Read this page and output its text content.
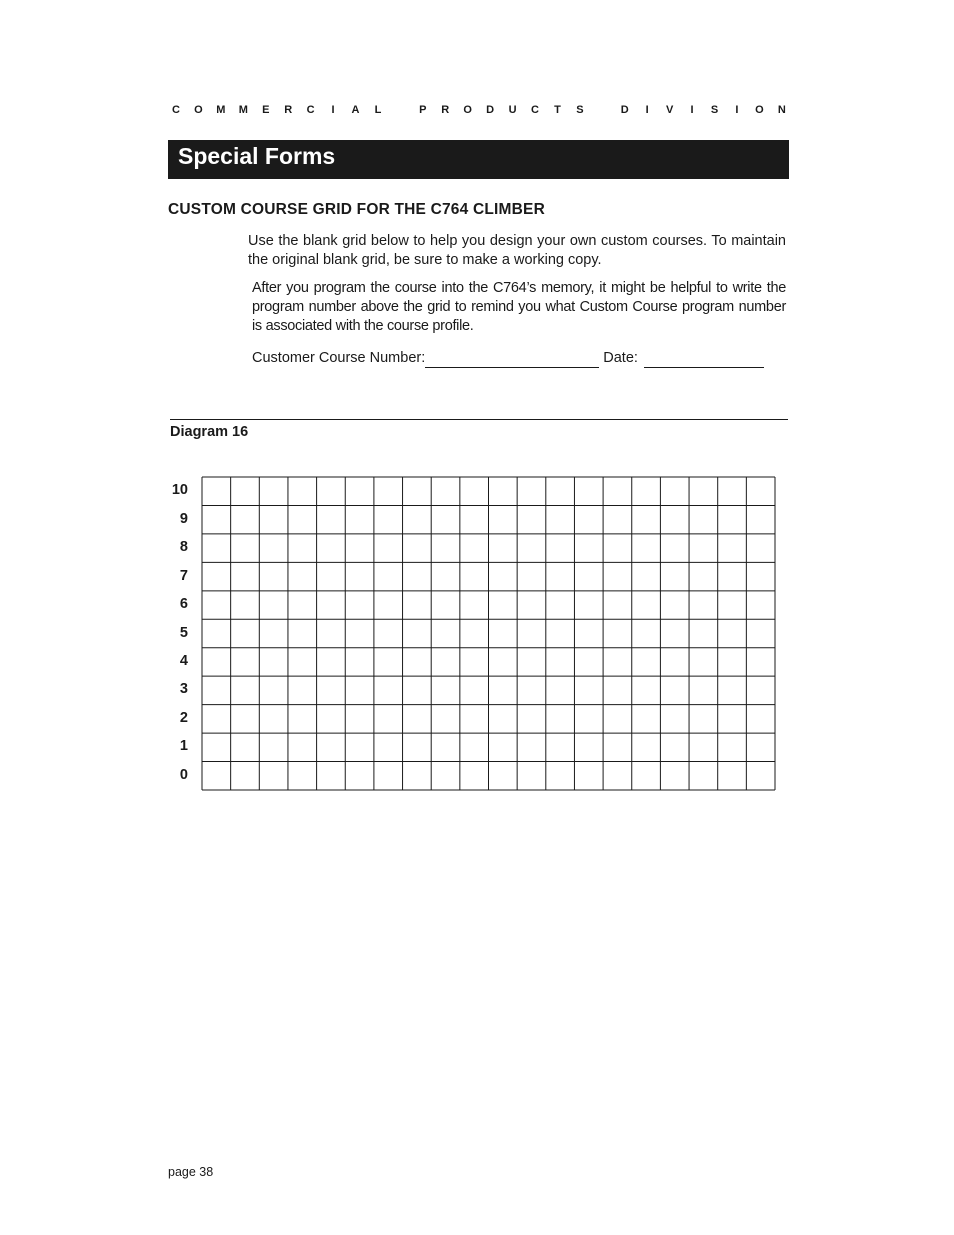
C O M M E R C	I	A L	P R O D U C T S	D	I	V	I	S	I	O N
Special Forms
CUSTOM COURSE GRID FOR THE C764 CLIMBER

Use the blank grid below to help you design your own custom courses. To maintain the original blank grid, be sure to make a working copy.

After you program the course into the C764’s memory, it might be helpful to write the program number above the grid to remind you what Custom Course program number is associated with the course profile.

Customer Course Number:	Date:
Diagram 16
10
9
8
7
6
5
4
3
2
1
0
page 38
